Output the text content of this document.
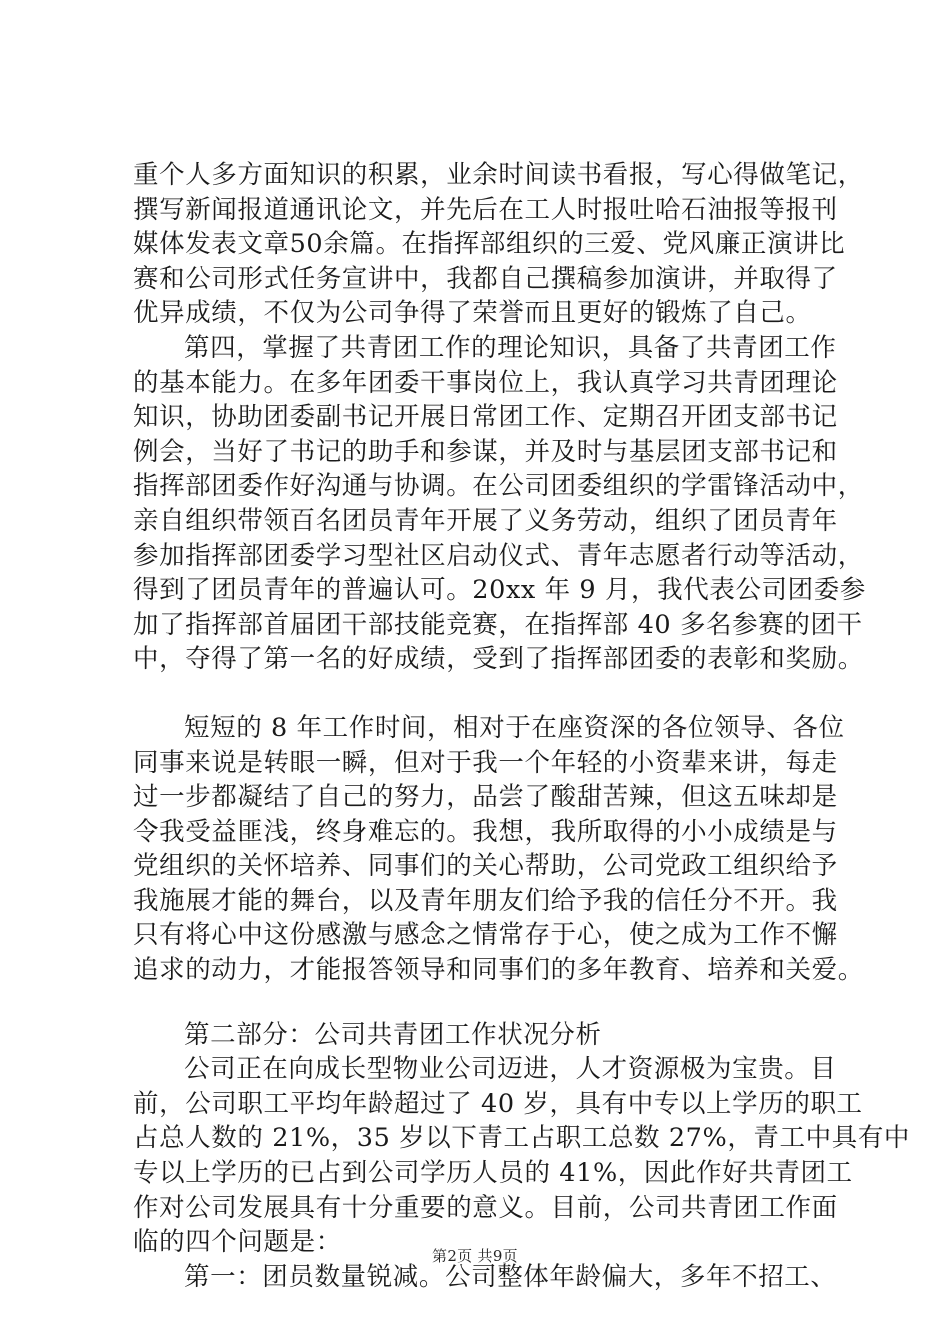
重个人多方面知识的积累，业余时间读书看报，写心得做笔记，
撰写新闻报道通讯论文，并先后在工人时报吐哈石油报等报刊
媒体发表文章50余篇。在指挥部组织的三爱、党风廉正演讲比
赛和公司形式任务宣讲中，我都自己撰稿参加演讲，并取得了
优异成绩，不仅为公司争得了荣誉而且更好的锻炼了自己。
第四，掌握了共青团工作的理论知识，具备了共青团工作
的基本能力。在多年团委干事岗位上，我认真学习共青团理论
知识，协助团委副书记开展日常团工作、定期召开团支部书记
例会，当好了书记的助手和参谋，并及时与基层团支部书记和
指挥部团委作好沟通与协调。在公司团委组织的学雷锋活动中，
亲自组织带领百名团员青年开展了义务劳动，组织了团员青年
参加指挥部团委学习型社区启动仪式、青年志愿者行动等活动，
得到了团员青年的普遍认可。20xx 年 9 月，我代表公司团委参
加了指挥部首届团干部技能竞赛，在指挥部 40 多名参赛的团干
中，夺得了第一名的好成绩，受到了指挥部团委的表彰和奖励。
短短的 8 年工作时间，相对于在座资深的各位领导、各位
同事来说是转眼一瞬，但对于我一个年轻的小资辈来讲，每走
过一步都凝结了自己的努力，品尝了酸甜苦辣，但这五味却是
令我受益匪浅，终身难忘的。我想，我所取得的小小成绩是与
党组织的关怀培养、同事们的关心帮助，公司党政工组织给予
我施展才能的舞台，以及青年朋友们给予我的信任分不开。我
只有将心中这份感激与感念之情常存于心，使之成为工作不懈
追求的动力，才能报答领导和同事们的多年教育、培养和关爱。
第二部分：公司共青团工作状况分析
公司正在向成长型物业公司迈进，人才资源极为宝贵。目
前，公司职工平均年龄超过了 40 岁，具有中专以上学历的职工
占总人数的 21%，35 岁以下青工占职工总数 27%，青工中具有中
专以上学历的已占到公司学历人员的 41%，因此作好共青团工
作对公司发展具有十分重要的意义。目前，公司共青团工作面
临的四个问题是：
第一：团员数量锐减。公司整体年龄偏大，多年不招工、
第2页 共9页
